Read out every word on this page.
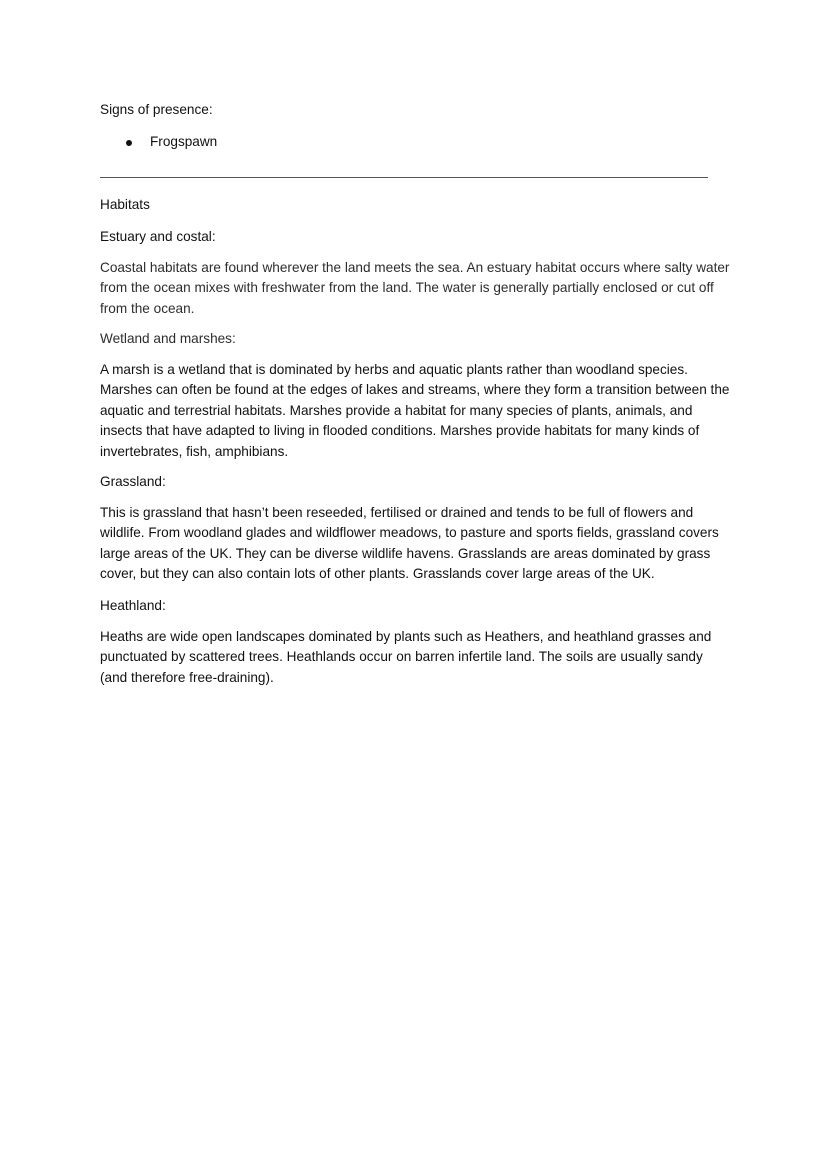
Signs of presence:

Frogspawn

Habitats

Estuary and costal:

Coastal habitats are found wherever the land meets the sea. An estuary habitat occurs where salty water from the ocean mixes with freshwater from the land. The water is generally partially enclosed or cut off from the ocean.

Wetland and marshes:

A marsh is a wetland that is dominated by herbs and aquatic plants rather than woodland species. Marshes can often be found at the edges of lakes and streams, where they form a transition between the aquatic and terrestrial habitats. Marshes provide a habitat for many species of plants, animals, and insects that have adapted to living in flooded conditions. Marshes provide habitats for many kinds of invertebrates, fish, amphibians.

Grassland:

This is grassland that hasn’t been reseeded, fertilised or drained and tends to be full of flowers and wildlife. From woodland glades and wildflower meadows, to pasture and sports fields, grassland covers large areas of the UK. They can be diverse wildlife havens. Grasslands are areas dominated by grass cover, but they can also contain lots of other plants. Grasslands cover large areas of the UK.

Heathland:

Heaths are wide open landscapes dominated by plants such as Heathers, and heathland grasses and punctuated by scattered trees. Heathlands occur on barren infertile land. The soils are usually sandy (and therefore free-draining).
